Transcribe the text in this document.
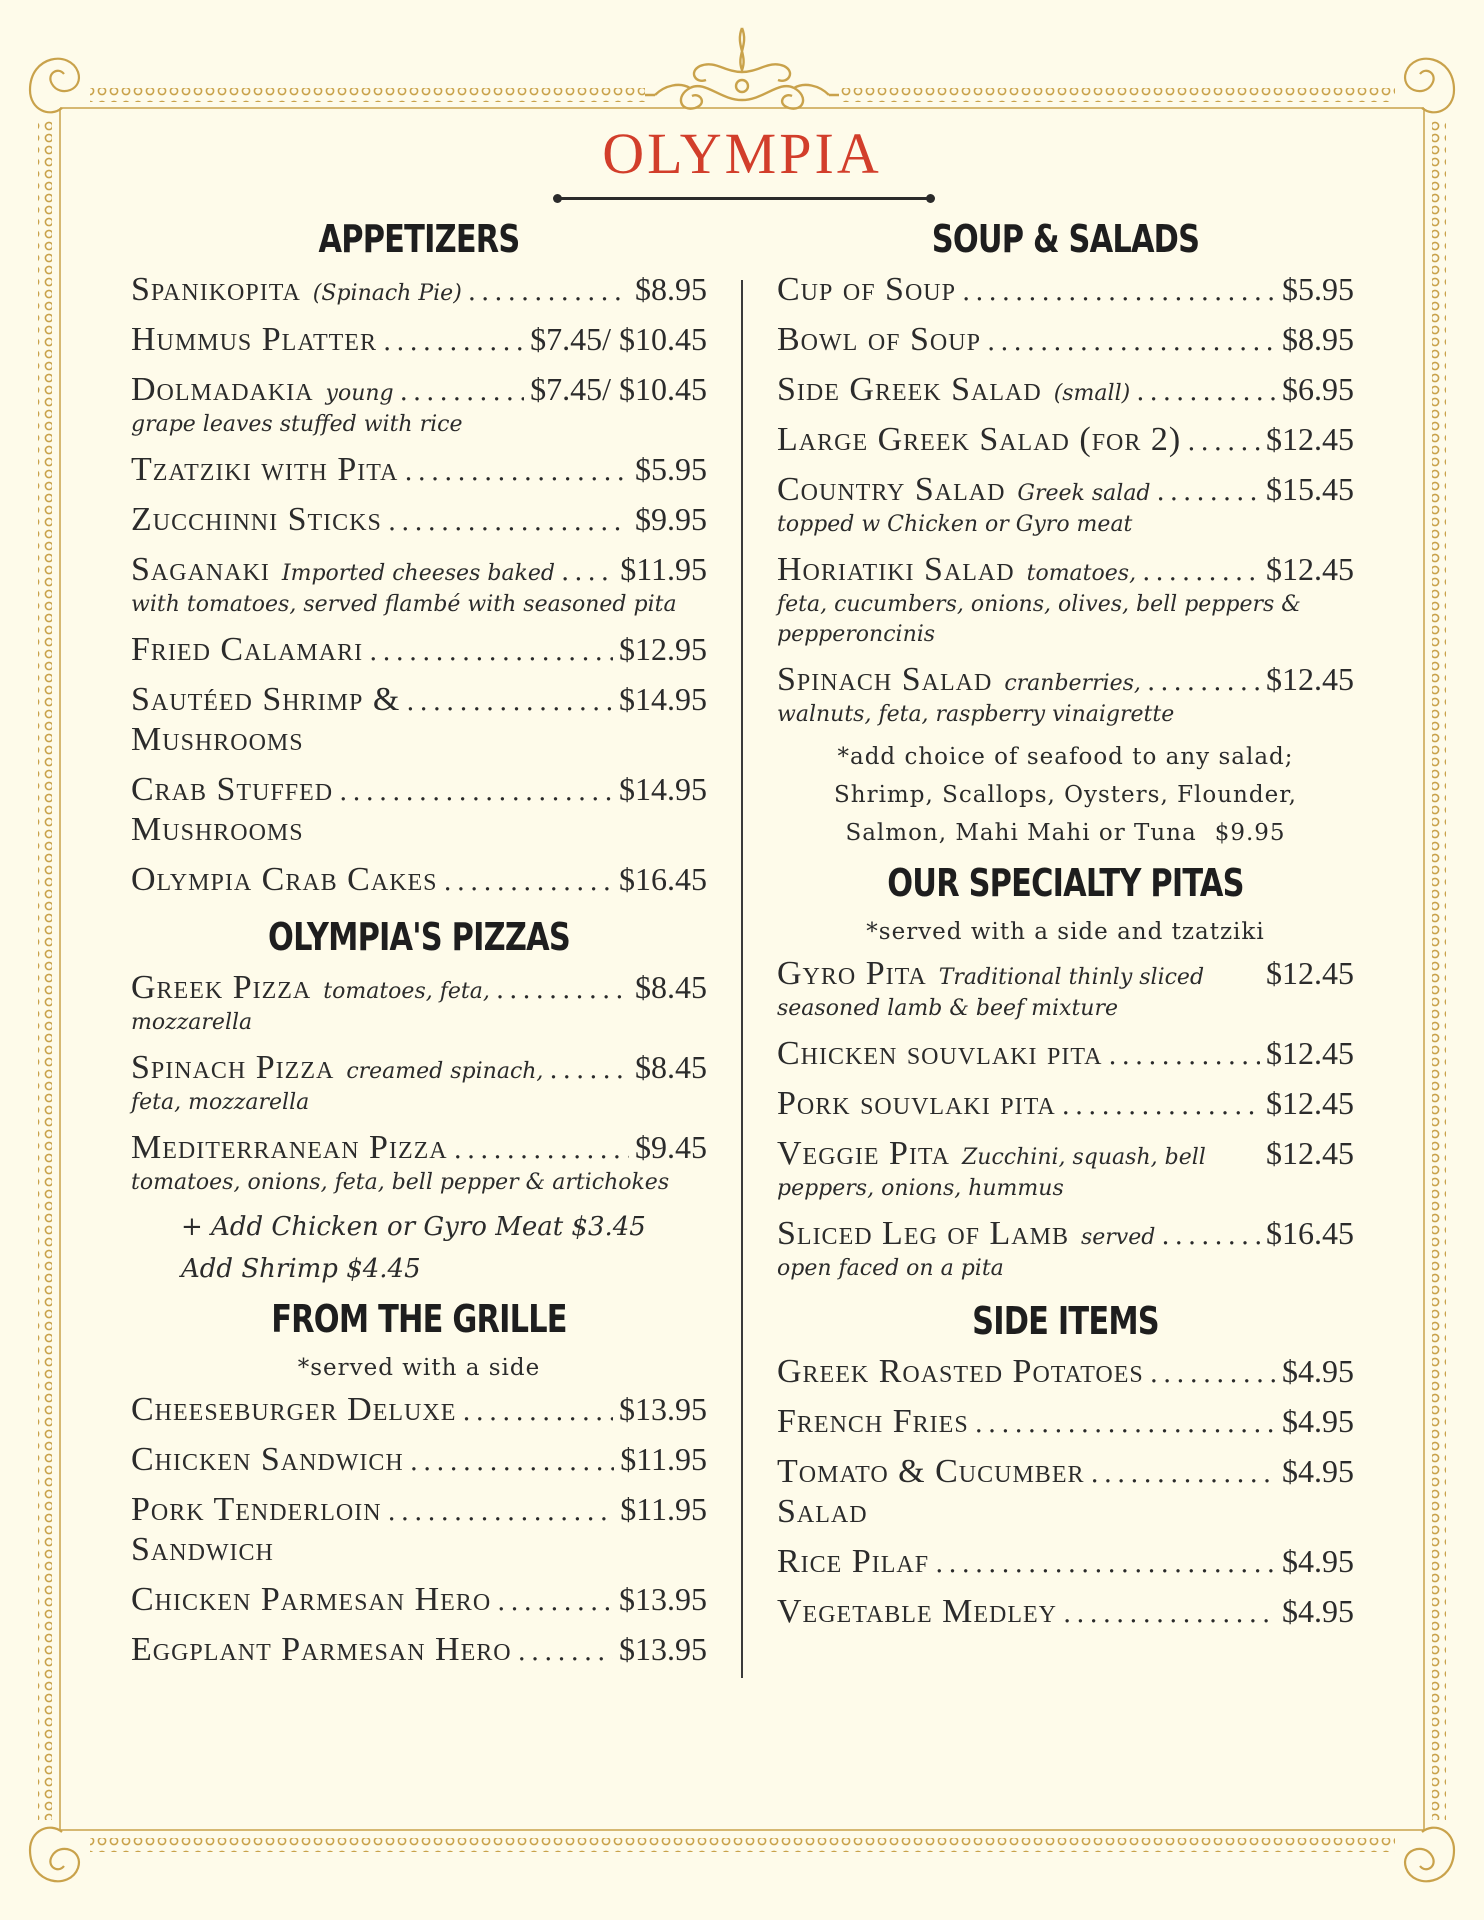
OLYMPIA
APPETIZERS
Spanikopita (Spinach Pie) .....	$8.95
Hummus Platter .....	$7.45/ $10.45
Dolmadakia young .....	$7.45/ $10.45
grape leaves stuffed with rice
Tzatziki with Pita .....	$5.95
Zucchinni Sticks .....	$9.95
Saganaki Imported cheeses baked ..... $11.95
with tomatoes, served flambé with seasoned pita
Fried Calamari .....	$12.95
Sautéed Shrimp & .....	$14.95
Mushrooms
Crab Stuffed .....	$14.95
Mushrooms
Olympia Crab Cakes .....	$16.45
OLYMPIA'S PIZZAS
Greek Pizza tomatoes, feta, .....	$8.45
mozzarella
Spinach Pizza creamed spinach, .....	$8.45
feta, mozzarella
Mediterranean Pizza .....	$9.45
tomatoes, onions, feta, bell pepper & artichokes
+ Add Chicken or Gyro Meat $3.45 Add Shrimp $4.45
FROM THE GRILLE
*served with a side
Cheeseburger Deluxe .....	$13.95
Chicken Sandwich .....	$11.95
Pork Tenderloin .....	$11.95
Sandwich
Chicken Parmesan Hero .....	$13.95
Eggplant Parmesan Hero .....	$13.95
SOUP & SALADS
Cup of Soup .....	$5.95
Bowl of Soup .....	$8.95
Side Greek Salad (small) .....	$6.95
Large Greek Salad (for 2) .....	$12.45
Country Salad Greek salad .....	$15.45
topped w Chicken or Gyro meat
Horiatiki Salad tomatoes, .....	$12.45
feta, cucumbers, onions, olives, bell peppers & pepperoncinis
Spinach Salad cranberries, .....	$12.45
walnuts, feta, raspberry vinaigrette
*add choice of seafood to any salad;
Shrimp, Scallops, Oysters, Flounder,
Salmon, Mahi Mahi or Tuna $9.95
OUR SPECIALTY PITAS
*served with a side and tzatziki
Gyro Pita Traditional thinly sliced $12.45
seasoned lamb & beef mixture
Chicken souvlaki pita .....	$12.45
Pork souvlaki pita .....	$12.45
Veggie Pita Zucchini, squash, bell $12.45
peppers, onions, hummus
Sliced Leg of Lamb served .....	$16.45
open faced on a pita
SIDE ITEMS
Greek Roasted Potatoes .....	$4.95
French Fries .....	$4.95
Tomato & Cucumber .....	$4.95
Salad
Rice Pilaf .....	$4.95
Vegetable Medley .....	$4.95
